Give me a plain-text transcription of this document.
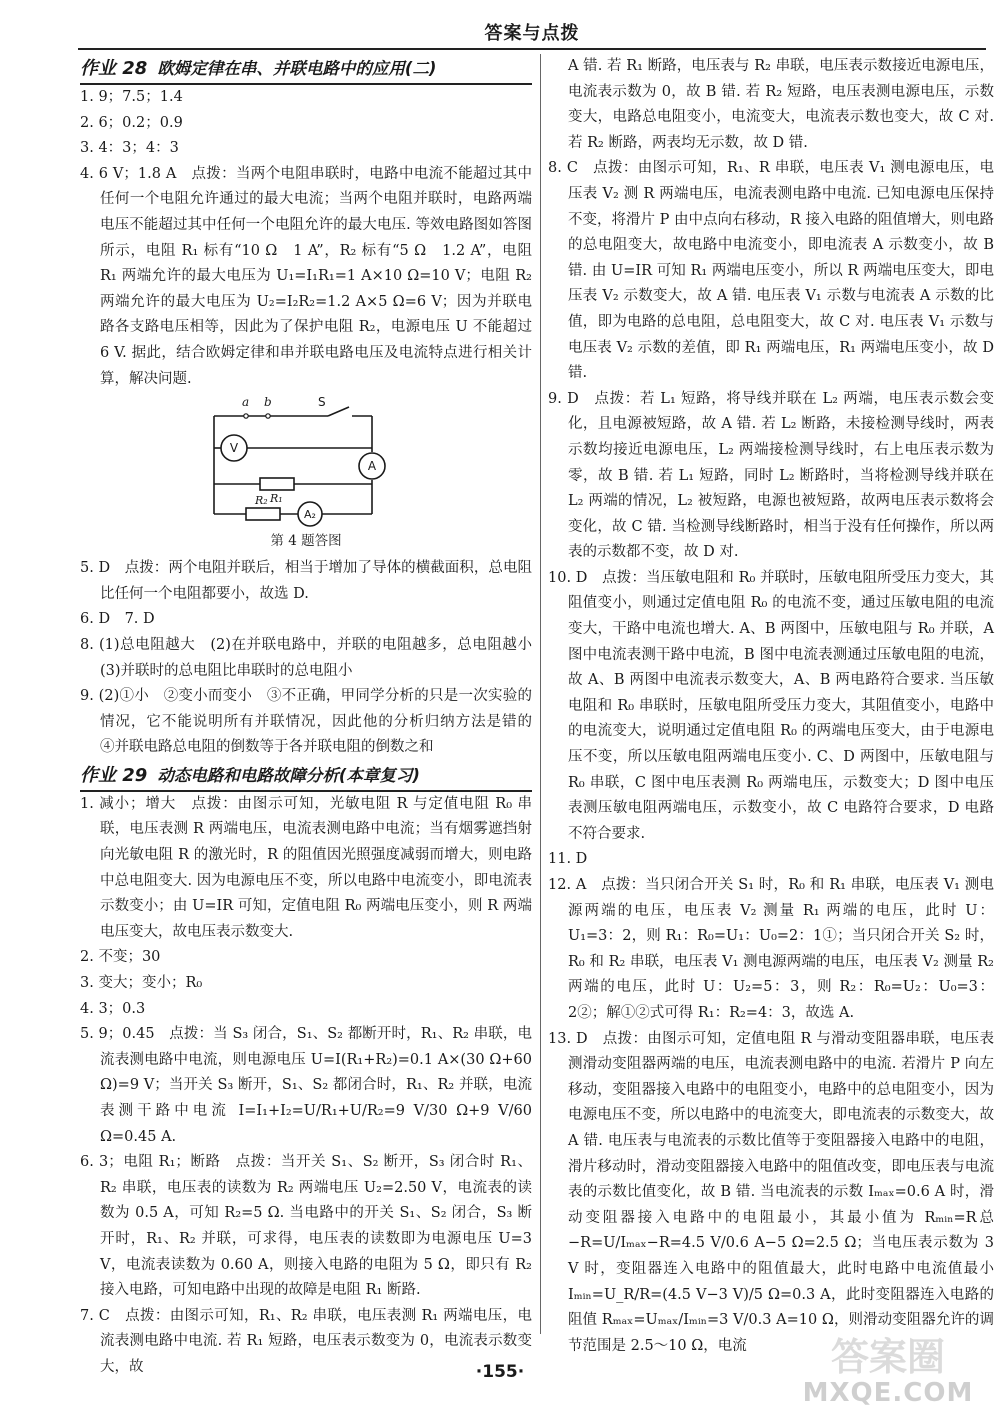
答案与点拨
作业 28 欧姆定律在串、并联电路中的应用(二)

1. 9；7.5；1.4

2. 6；0.2；0.9

3. 4：3；4：3

4. 6 V；1.8 A　点拨：当两个电阻串联时，电路中电流不能超过其中任何一个电阻允许通过的最大电流；当两个电阻并联时，电路两端电压不能超过其中任何一个电阻允许的最大电压. 等效电路图如答图所示，电阻 R₁ 标有“10 Ω　1 A”，R₂ 标有“5 Ω　1.2 A”，电阻 R₁ 两端允许的最大电压为 U₁=I₁R₁=1 A×10 Ω=10 V；电阻 R₂ 两端允许的最大电压为 U₂=I₂R₂=1.2 A×5 Ω=6 V；因为并联电路各支路电压相等，因此为了保护电阻 R₂，电源电压 U 不能超过 6 V. 据此，结合欧姆定律和串并联电路电压及电流特点进行相关计算，解决问题.

a b
R₁
R₂
S
V
A
A₂
第 4 题答图

5. D　点拨：两个电阻并联后，相当于增加了导体的横截面积，总电阻比任何一个电阻都要小，故选 D.

6. D　7. D

8. (1)总电阻越大　(2)在并联电路中，并联的电阻越多，总电阻越小　(3)并联时的总电阻比串联时的总电阻小

9. (2)①小　②变小而变小　③不正确，甲同学分析的只是一次实验的情况，它不能说明所有并联情况，因此他的分析归纳方法是错的　④并联电路总电阻的倒数等于各并联电阻的倒数之和

作业 29 动态电路和电路故障分析(本章复习)

1. 减小；增大　点拨：由图示可知，光敏电阻 R 与定值电阻 R₀ 串联，电压表测 R 两端电压，电流表测电路中电流；当有烟雾遮挡射向光敏电阻 R 的激光时，R 的阻值因光照强度减弱而增大，则电路中总电阻变大. 因为电源电压不变，所以电路中电流变小，即电流表示数变小；由 U=IR 可知，定值电阻 R₀ 两端电压变小，则 R 两端电压变大，故电压表示数变大.

2. 不变；30

3. 变大；变小；R₀

4. 3；0.3

5. 9；0.45　点拨：当 S₃ 闭合，S₁、S₂ 都断开时，R₁、R₂ 串联，电流表测电路中电流，则电源电压 U=I(R₁+R₂)=0.1 A×(30 Ω+60 Ω)=9 V；当开关 S₃ 断开，S₁、S₂ 都闭合时，R₁、R₂ 并联，电流表测干路中电流 I=I₁+I₂=U/R₁+U/R₂=9 V/30 Ω+9 V/60 Ω=0.45 A.

6. 3；电阻 R₁；断路　点拨：当开关 S₁、S₂ 断开，S₃ 闭合时 R₁、R₂ 串联，电压表的读数为 R₂ 两端电压 U₂=2.50 V，电流表的读数为 0.5 A，可知 R₂=5 Ω. 当电路中的开关 S₁、S₂ 闭合，S₃ 断开时，R₁、R₂ 并联，可求得，电压表的读数即为电源电压 U=3 V，电流表读数为 0.60 A，则接入电路的电阻为 5 Ω，即只有 R₂ 接入电路，可知电路中出现的故障是电阻 R₁ 断路.

7. C　点拨：由图示可知，R₁、R₂ 串联，电压表测 R₁ 两端电压，电流表测电路中电流. 若 R₁ 短路，电压表示数变为 0，电流表示数变大，故

A 错. 若 R₁ 断路，电压表与 R₂ 串联，电压表示数接近电源电压，电流表示数为 0，故 B 错. 若 R₂ 短路，电压表测电源电压，示数变大，电路总电阻变小，电流变大，电流表示数也变大，故 C 对. 若 R₂ 断路，两表均无示数，故 D 错.

8. C　点拨：由图示可知，R₁、R 串联，电压表 V₁ 测电源电压，电压表 V₂ 测 R 两端电压，电流表测电路中电流. 已知电源电压保持不变，将滑片 P 由中点向右移动，R 接入电路的阻值增大，则电路的总电阻变大，故电路中电流变小，即电流表 A 示数变小，故 B 错. 由 U=IR 可知 R₁ 两端电压变小，所以 R 两端电压变大，即电压表 V₂ 示数变大，故 A 错. 电压表 V₁ 示数与电流表 A 示数的比值，即为电路的总电阻，总电阻变大，故 C 对. 电压表 V₁ 示数与电压表 V₂ 示数的差值，即 R₁ 两端电压，R₁ 两端电压变小，故 D 错.

9. D　点拨：若 L₁ 短路，将导线并联在 L₂ 两端，电压表示数会变化，且电源被短路，故 A 错. 若 L₂ 断路，未接检测导线时，两表示数均接近电源电压，L₂ 两端接检测导线时，右上电压表示数为零，故 B 错. 若 L₁ 短路，同时 L₂ 断路时，当将检测导线并联在 L₂ 两端的情况，L₂ 被短路，电源也被短路，故两电压表示数将会变化，故 C 错. 当检测导线断路时，相当于没有任何操作，所以两表的示数都不变，故 D 对.

10. D　点拨：当压敏电阻和 R₀ 并联时，压敏电阻所受压力变大，其阻值变小，则通过定值电阻 R₀ 的电流不变，通过压敏电阻的电流变大，干路中电流也增大. A、B 两图中，压敏电阻与 R₀ 并联，A 图中电流表测干路中电流，B 图中电流表测通过压敏电阻的电流，故 A、B 两图中电流表示数变大，A、B 两电路符合要求. 当压敏电阻和 R₀ 串联时，压敏电阻所受压力变大，其阻值变小，电路中的电流变大，说明通过定值电阻 R₀ 的两端电压变大，由于电源电压不变，所以压敏电阻两端电压变小. C、D 两图中，压敏电阻与 R₀ 串联，C 图中电压表测 R₀ 两端电压，示数变大；D 图中电压表测压敏电阻两端电压，示数变小，故 C 电路符合要求，D 电路不符合要求.

11. D

12. A　点拨：当只闭合开关 S₁ 时，R₀ 和 R₁ 串联，电压表 V₁ 测电源两端的电压，电压表 V₂ 测量 R₁ 两端的电压，此时 U：U₁=3：2，则 R₁：R₀=U₁：U₀=2：1①；当只闭合开关 S₂ 时，R₀ 和 R₂ 串联，电压表 V₁ 测电源两端的电压，电压表 V₂ 测量 R₂ 两端的电压，此时 U：U₂=5：3，则 R₂：R₀=U₂：U₀=3：2②；解①②式可得 R₁：R₂=4：3，故选 A.

13. D　点拨：由图示可知，定值电阻 R 与滑动变阻器串联，电压表测滑动变阻器两端的电压，电流表测电路中的电流. 若滑片 P 向左移动，变阻器接入电路中的电阻变小，电路中的总电阻变小，因为电源电压不变，所以电路中的电流变大，即电流表的示数变大，故 A 错. 电压表与电流表的示数比值等于变阻器接入电路中的电阻，滑片移动时，滑动变阻器接入电路中的阻值改变，即电压表与电流表的示数比值变化，故 B 错. 当电流表的示数 Iₘₐₓ=0.6 A 时，滑动变阻器接入电路中的电阻最小，其最小值为 Rₘᵢₙ=R总−R=U/Iₘₐₓ−R=4.5 V/0.6 A−5 Ω=2.5 Ω；当电压表示数为 3 V 时，变阻器连入电路中的阻值最大，此时电路中电流值最小 Iₘᵢₙ=U_R/R=(4.5 V−3 V)/5 Ω=0.3 A，此时变阻器连入电路的阻值 Rₘₐₓ=Uₘₐₓ/Iₘᵢₙ=3 V/0.3 A=10 Ω，则滑动变阻器允许的调节范围是 2.5～10 Ω，电流

·155·	答案圈
MXQE.COM
